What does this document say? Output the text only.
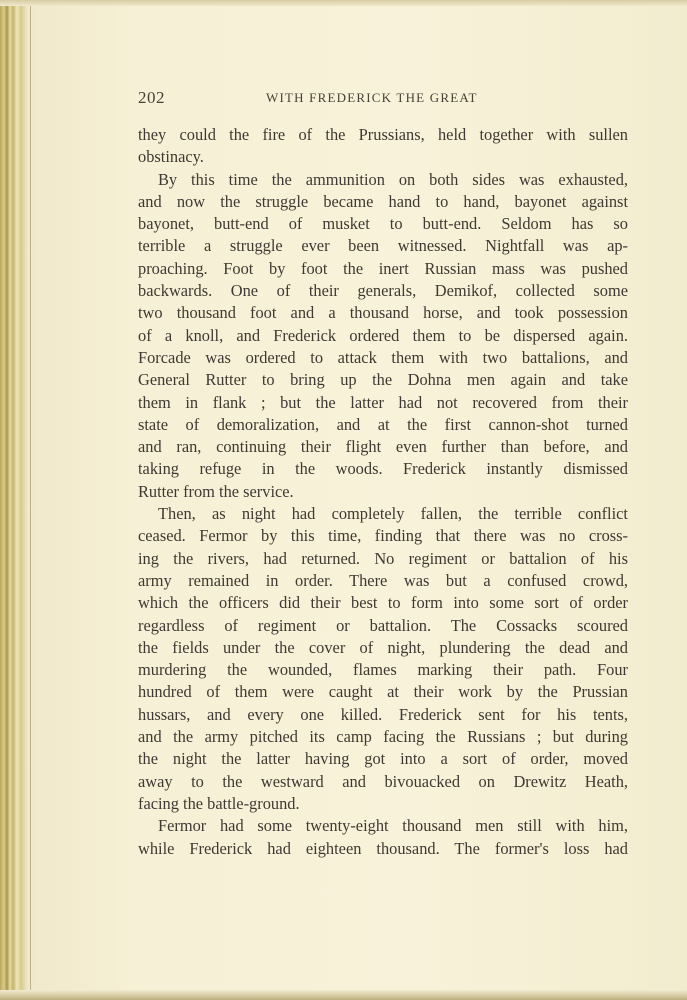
202	WITH FREDERICK THE GREAT
they could the fire of the Prussians, held together with sullen
obstinacy.
By this time the ammunition on both sides was exhausted,
and now the struggle became hand to hand, bayonet against
bayonet, butt-end of musket to butt-end. Seldom has so
terrible a struggle ever been witnessed. Nightfall was ap-
proaching. Foot by foot the inert Russian mass was pushed
backwards. One of their generals, Demikof, collected some
two thousand foot and a thousand horse, and took possession
of a knoll, and Frederick ordered them to be dispersed again.
Forcade was ordered to attack them with two battalions, and
General Rutter to bring up the Dohna men again and take
them in flank ; but the latter had not recovered from their
state of demoralization, and at the first cannon-shot turned
and ran, continuing their flight even further than before, and
taking refuge in the woods. Frederick instantly dismissed
Rutter from the service.
Then, as night had completely fallen, the terrible conflict
ceased. Fermor by this time, finding that there was no cross-
ing the rivers, had returned. No regiment or battalion of his
army remained in order. There was but a confused crowd,
which the officers did their best to form into some sort of order
regardless of regiment or battalion. The Cossacks scoured
the fields under the cover of night, plundering the dead and
murdering the wounded, flames marking their path. Four
hundred of them were caught at their work by the Prussian
hussars, and every one killed. Frederick sent for his tents,
and the army pitched its camp facing the Russians ; but during
the night the latter having got into a sort of order, moved
away to the westward and bivouacked on Drewitz Heath,
facing the battle-ground.
Fermor had some twenty-eight thousand men still with him,
while Frederick had eighteen thousand. The former's loss had
